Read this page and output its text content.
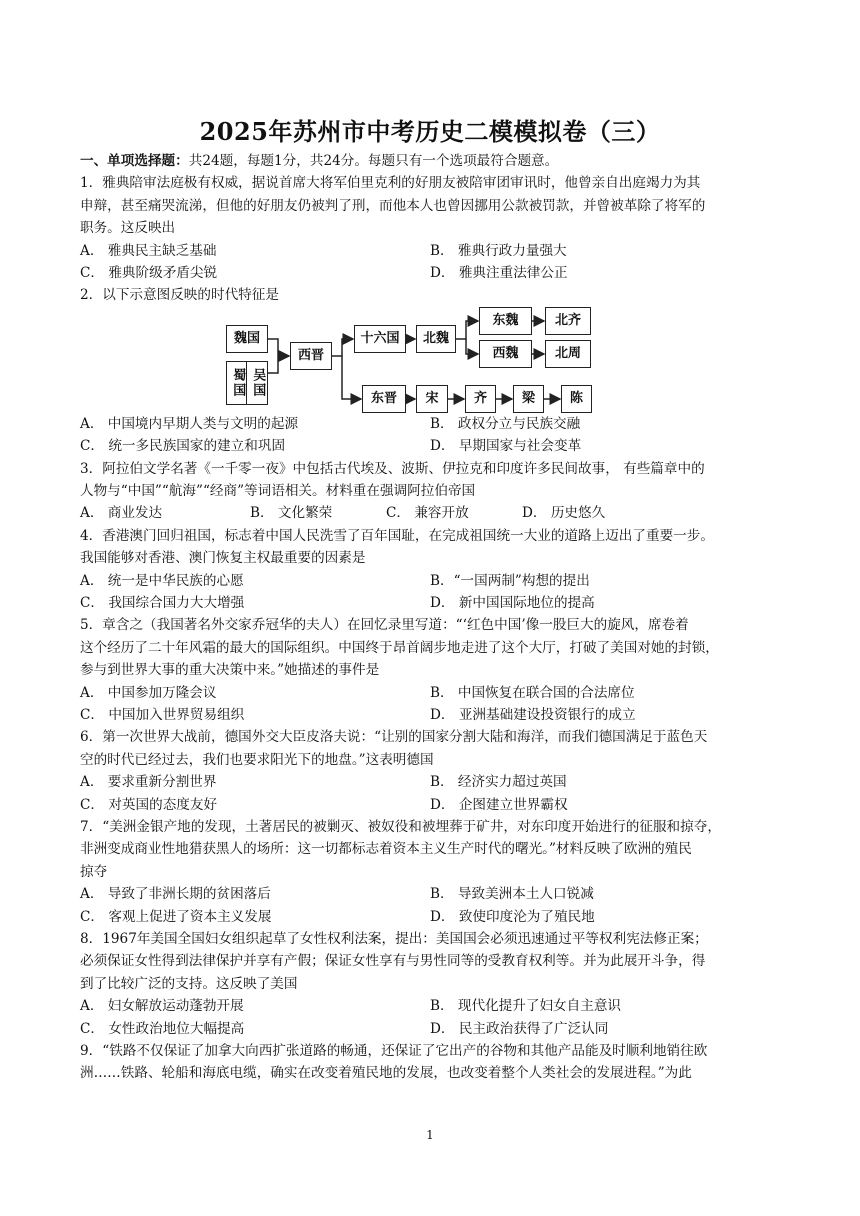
2025年苏州市中考历史二模模拟卷（三）

一、单项选择题：共24题，每题1分，共24分。每题只有一个选项最符合题意。

1．雅典陪审法庭极有权威，据说首席大将军伯里克利的好朋友被陪审团审讯时，他曾亲自出庭竭力为其

申辩，甚至痛哭流涕，但他的好朋友仍被判了刑，而他本人也曾因挪用公款被罚款，并曾被革除了将军的

职务。这反映出

A． 雅典民主缺乏基础	B． 雅典行政力量强大
C． 雅典阶级矛盾尖锐	D． 雅典注重法律公正

2．以下示意图反映的时代特征是

魏国
蜀国 吴国
西晋
十六国	北魏
东魏
西魏
北齐
北周
东晋	宋	齐	梁	陈
A． 中国境内早期人类与文明的起源	B． 政权分立与民族交融
C． 统一多民族国家的建立和巩固	D． 早期国家与社会变革

3．阿拉伯文学名著《一千零一夜》中包括古代埃及、波斯、伊拉克和印度许多民间故事， 有些篇章中的

人物与“中国”“航海”“经商”等词语相关。材料重在强调阿拉伯帝国

A． 商业发达	B． 文化繁荣	C． 兼容开放	D． 历史悠久

4．香港澳门回归祖国，标志着中国人民洗雪了百年国耻，在完成祖国统一大业的道路上迈出了重要一步。

我国能够对香港、澳门恢复主权最重要的因素是

A． 统一是中华民族的心愿	B．“一国两制”构想的提出
C． 我国综合国力大大增强	D． 新中国国际地位的提高

5．章含之（我国著名外交家乔冠华的夫人）在回忆录里写道：“‘红色中国’像一股巨大的旋风，席卷着

这个经历了二十年风霜的最大的国际组织。中国终于昂首阔步地走进了这个大厅，打破了美国对她的封锁，

参与到世界大事的重大决策中来。”她描述的事件是

A． 中国参加万隆会议	B． 中国恢复在联合国的合法席位
C． 中国加入世界贸易组织	D． 亚洲基础建设投资银行的成立

6．第一次世界大战前，德国外交大臣皮洛夫说：“让别的国家分割大陆和海洋，而我们德国满足于蓝色天

空的时代已经过去，我们也要求阳光下的地盘。”这表明德国

A． 要求重新分割世界	B． 经济实力超过英国
C． 对英国的态度友好	D． 企图建立世界霸权

7．“美洲金银产地的发现，土著居民的被剿灭、被奴役和被埋葬于矿井，对东印度开始进行的征服和掠夺，

非洲变成商业性地猎获黑人的场所：这一切都标志着资本主义生产时代的曙光。”材料反映了欧洲的殖民

掠夺

A． 导致了非洲长期的贫困落后	B． 导致美洲本土人口锐减
C． 客观上促进了资本主义发展	D． 致使印度沦为了殖民地

8．1967年美国全国妇女组织起草了女性权利法案，提出：美国国会必须迅速通过平等权利宪法修正案；

必须保证女性得到法律保护并享有产假；保证女性享有与男性同等的受教育权利等。并为此展开斗争，得

到了比较广泛的支持。这反映了美国

A． 妇女解放运动蓬勃开展	B． 现代化提升了妇女自主意识
C． 女性政治地位大幅提高	D． 民主政治获得了广泛认同

9．“铁路不仅保证了加拿大向西扩张道路的畅通，还保证了它出产的谷物和其他产品能及时顺利地销往欧

洲……铁路、轮船和海底电缆，确实在改变着殖民地的发展，也改变着整个人类社会的发展进程。”为此

1
